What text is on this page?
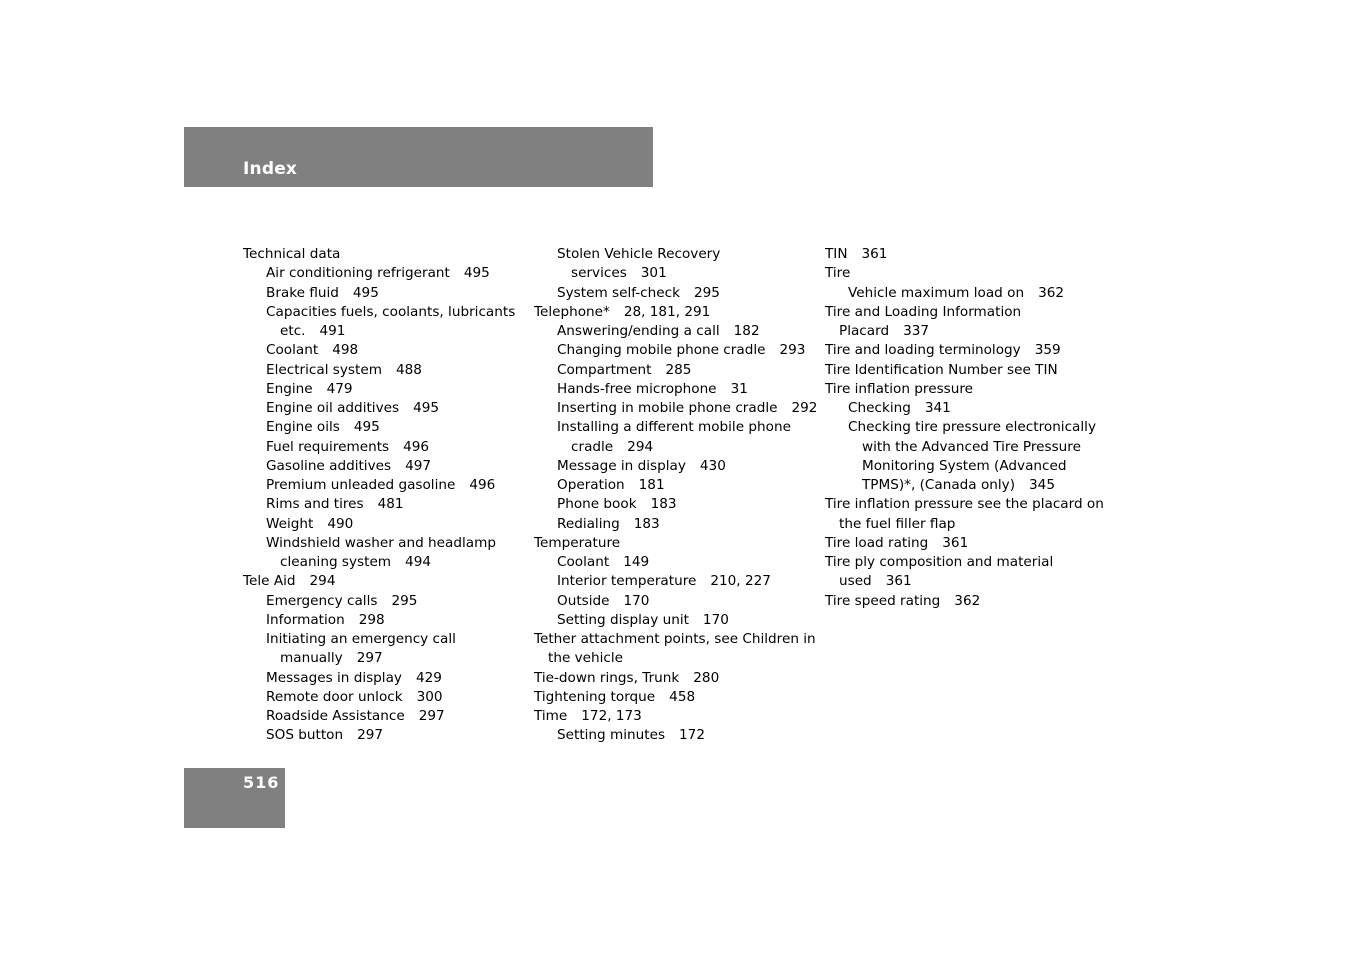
Index
Technical data
Air conditioning refrigerant 495
Brake fluid 495
Capacities fuels, coolants, lubricants
etc. 491
Coolant 498
Electrical system 488
Engine 479
Engine oil additives 495
Engine oils 495
Fuel requirements 496
Gasoline additives 497
Premium unleaded gasoline 496
Rims and tires 481
Weight 490
Windshield washer and headlamp
cleaning system 494
Tele Aid 294
Emergency calls 295
Information 298
Initiating an emergency call
manually 297
Messages in display 429
Remote door unlock 300
Roadside Assistance 297
SOS button 297
Stolen Vehicle Recovery
services 301
System self-check 295
Telephone* 28, 181, 291
Answering/ending a call 182
Changing mobile phone cradle 293
Compartment 285
Hands-free microphone 31
Inserting in mobile phone cradle 292
Installing a different mobile phone
cradle 294
Message in display 430
Operation 181
Phone book 183
Redialing 183
Temperature
Coolant 149
Interior temperature 210, 227
Outside 170
Setting display unit 170
Tether attachment points, see Children in
the vehicle
Tie-down rings, Trunk 280
Tightening torque 458
Time 172, 173
Setting minutes 172
TIN 361
Tire
Vehicle maximum load on 362
Tire and Loading Information
Placard 337
Tire and loading terminology 359
Tire Identification Number see TIN
Tire inflation pressure
Checking 341
Checking tire pressure electronically
with the Advanced Tire Pressure
Monitoring System (Advanced
TPMS)*, (Canada only) 345
Tire inflation pressure see the placard on
the fuel filler flap
Tire load rating 361
Tire ply composition and material
used 361
Tire speed rating 362
516
